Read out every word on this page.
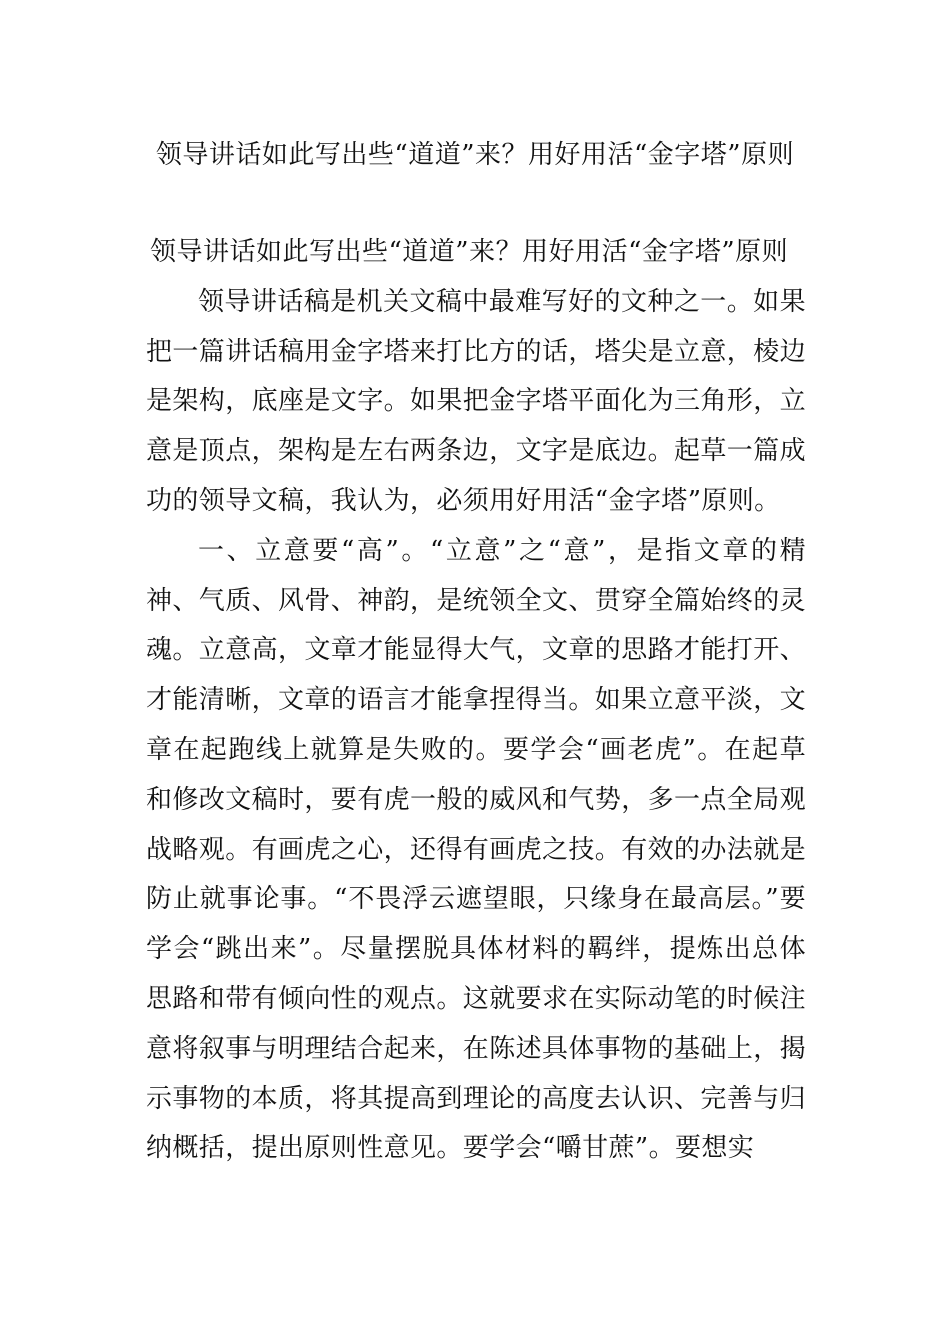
领导讲话如此写出些“道道”来？用好用活“金字塔”原则

领导讲话如此写出些“道道”来？用好用活“金字塔”原则

领导讲话稿是机关文稿中最难写好的文种之一。如果把一篇讲话稿用金字塔来打比方的话，塔尖是立意，棱边是架构，底座是文字。如果把金字塔平面化为三角形，立意是顶点，架构是左右两条边，文字是底边。起草一篇成功的领导文稿，我认为，必须用好用活“金字塔”原则。

一、立意要“高”。“立意”之“意”，是指文章的精神、气质、风骨、神韵，是统领全文、贯穿全篇始终的灵魂。立意高，文章才能显得大气，文章的思路才能打开、才能清晰，文章的语言才能拿捏得当。如果立意平淡，文章在起跑线上就算是失败的。要学会“画老虎”。在起草和修改文稿时，要有虎一般的威风和气势，多一点全局观战略观。有画虎之心，还得有画虎之技。有效的办法就是防止就事论事。“不畏浮云遮望眼，只缘身在最高层。”要学会“跳出来”。尽量摆脱具体材料的羁绊，提炼出总体思路和带有倾向性的观点。这就要求在实际动笔的时候注意将叙事与明理结合起来，在陈述具体事物的基础上，揭示事物的本质，将其提高到理论的高度去认识、完善与归纳概括，提出原则性意见。要学会“嚼甘蔗”。要想实
